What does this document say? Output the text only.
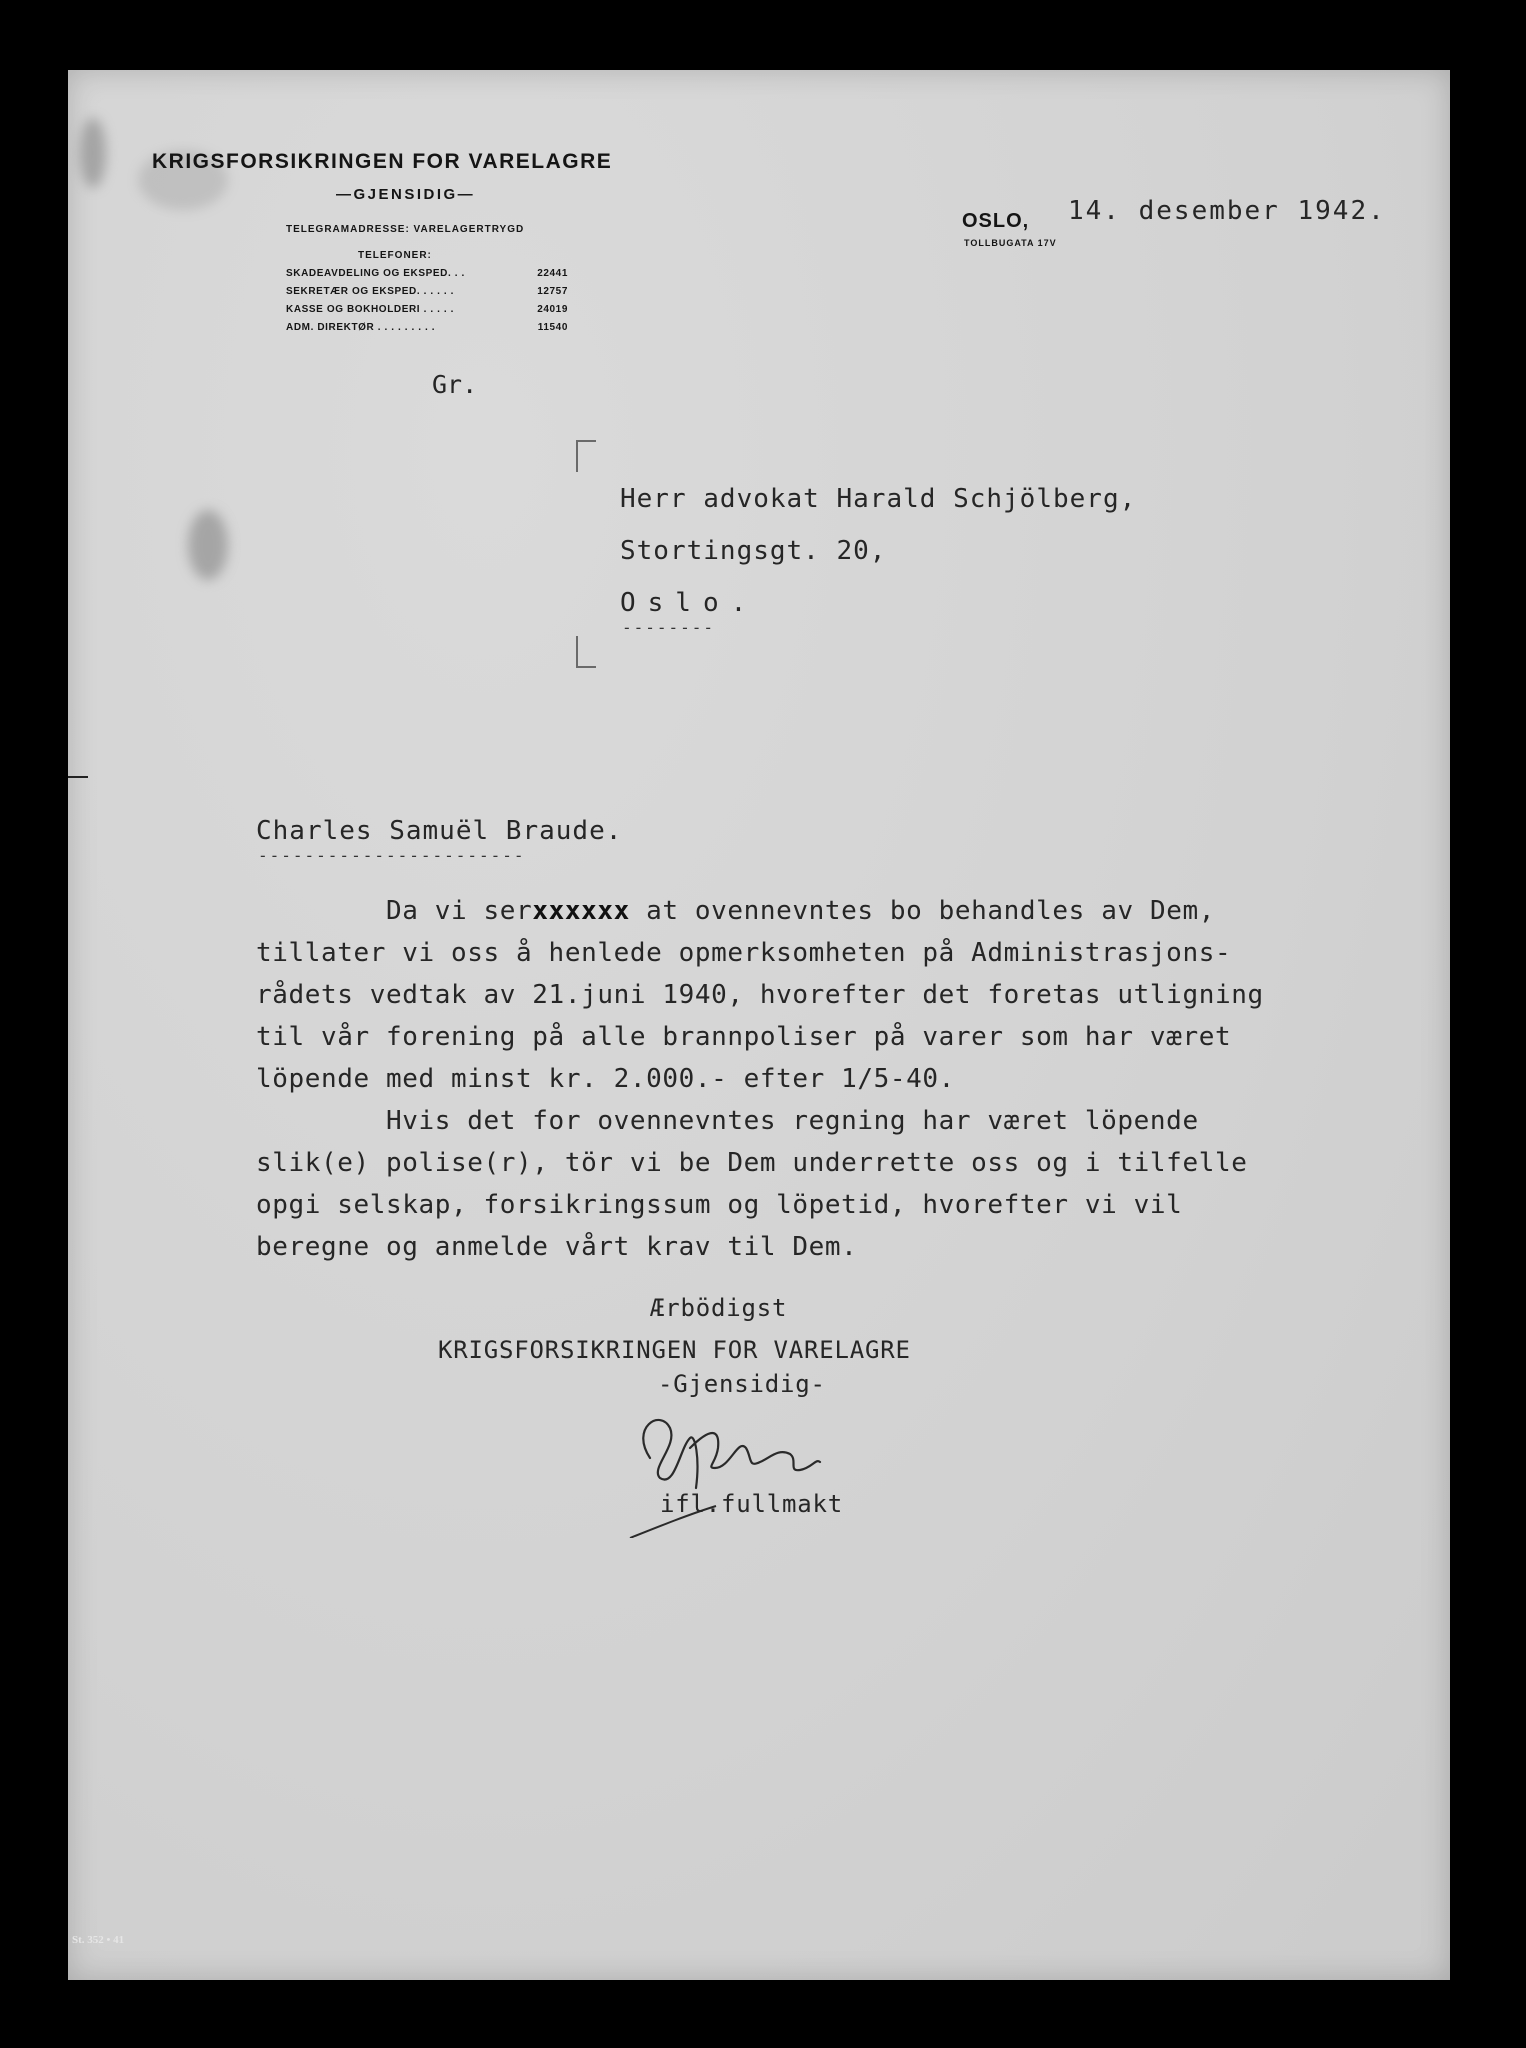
KRIGSFORSIKRINGEN FOR VARELAGRE
—GJENSIDIG—
TELEGRAMADRESSE: VARELAGERTRYGD
TELEFONER:
SKADEAVDELING OG EKSPED. . .	22441
SEKRETÆR OG EKSPED. . . . . .	12757
KASSE OG BOKHOLDERI . . . . .	24019
ADM. DIREKTØR . . . . . . . . .	11540
OSLO,
TOLLBUGATA 17V
14. desember 1942.
Gr.
Herr advokat Harald Schjölberg,
Stortingsgt. 20,
Oslo.
--------
Charles Samuël Braude.
-----------------------
Da vi serxxxxxx at ovennevntes bo behandles av Dem,
tillater vi oss å henlede opmerksomheten på Administrasjons-
rådets vedtak av 21.juni 1940, hvorefter det foretas utligning
til vår forening på alle brannpoliser på varer som har været
löpende med minst kr. 2.000.- efter 1/5-40.
Hvis det for ovennevntes regning har været löpende
slik(e) polise(r), tör vi be Dem underrette oss og i tilfelle
opgi selskap, forsikringssum og löpetid, hvorefter vi vil
beregne og anmelde vårt krav til Dem.
Ærbödigst
KRIGSFORSIKRINGEN FOR VARELAGRE
-Gjensidig-
ifl.fullmakt
St. 352 • 41
